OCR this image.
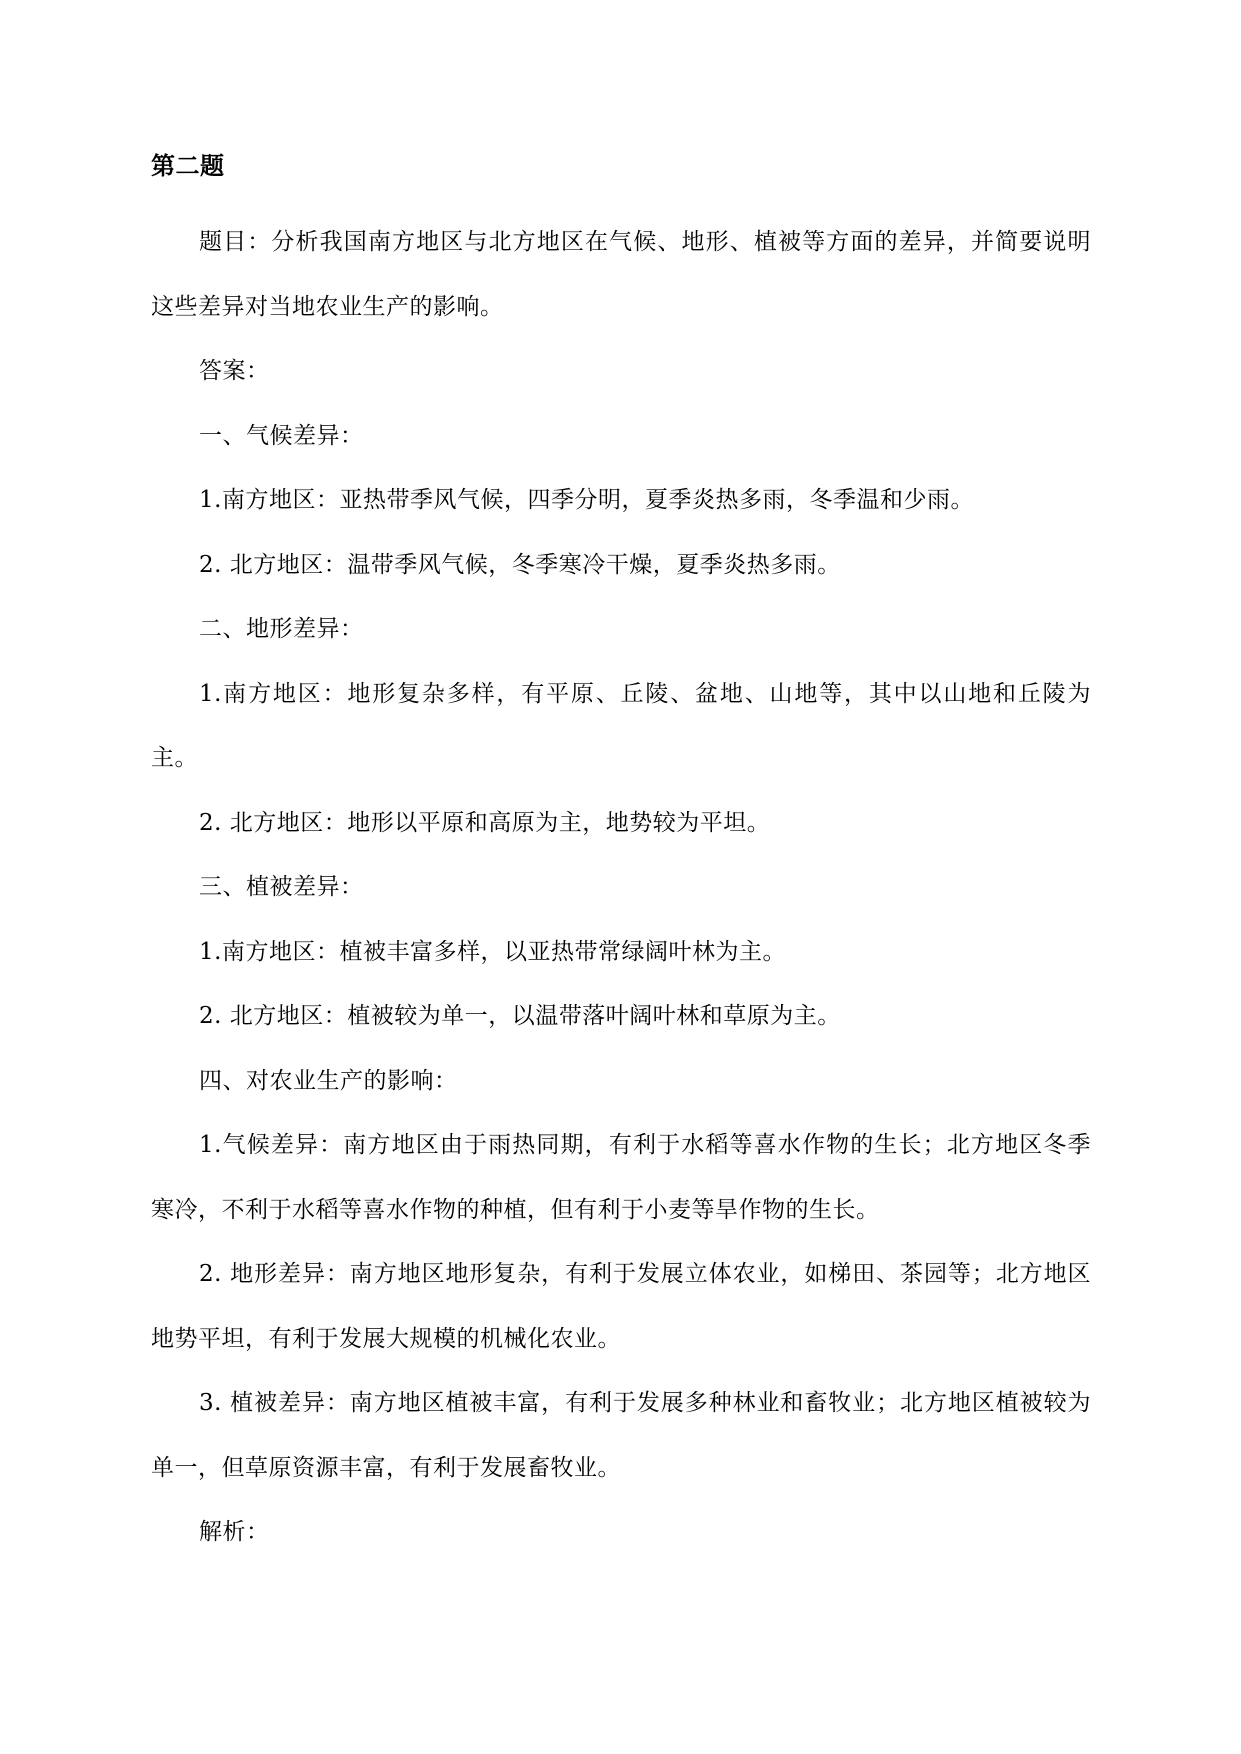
第二题

题目：分析我国南方地区与北方地区在气候、地形、植被等方面的差异，并简要说明这些差异对当地农业生产的影响。

答案：

一、气候差异：

1.南方地区：亚热带季风气候，四季分明，夏季炎热多雨，冬季温和少雨。

2. 北方地区：温带季风气候，冬季寒冷干燥，夏季炎热多雨。

二、地形差异：

1.南方地区：地形复杂多样，有平原、丘陵、盆地、山地等，其中以山地和丘陵为主。

2. 北方地区：地形以平原和高原为主，地势较为平坦。

三、植被差异：

1.南方地区：植被丰富多样，以亚热带常绿阔叶林为主。

2. 北方地区：植被较为单一，以温带落叶阔叶林和草原为主。

四、对农业生产的影响：

1.气候差异：南方地区由于雨热同期，有利于水稻等喜水作物的生长；北方地区冬季寒冷，不利于水稻等喜水作物的种植，但有利于小麦等旱作物的生长。

2. 地形差异：南方地区地形复杂，有利于发展立体农业，如梯田、茶园等；北方地区地势平坦，有利于发展大规模的机械化农业。

3. 植被差异：南方地区植被丰富，有利于发展多种林业和畜牧业；北方地区植被较为单一，但草原资源丰富，有利于发展畜牧业。

解析：
